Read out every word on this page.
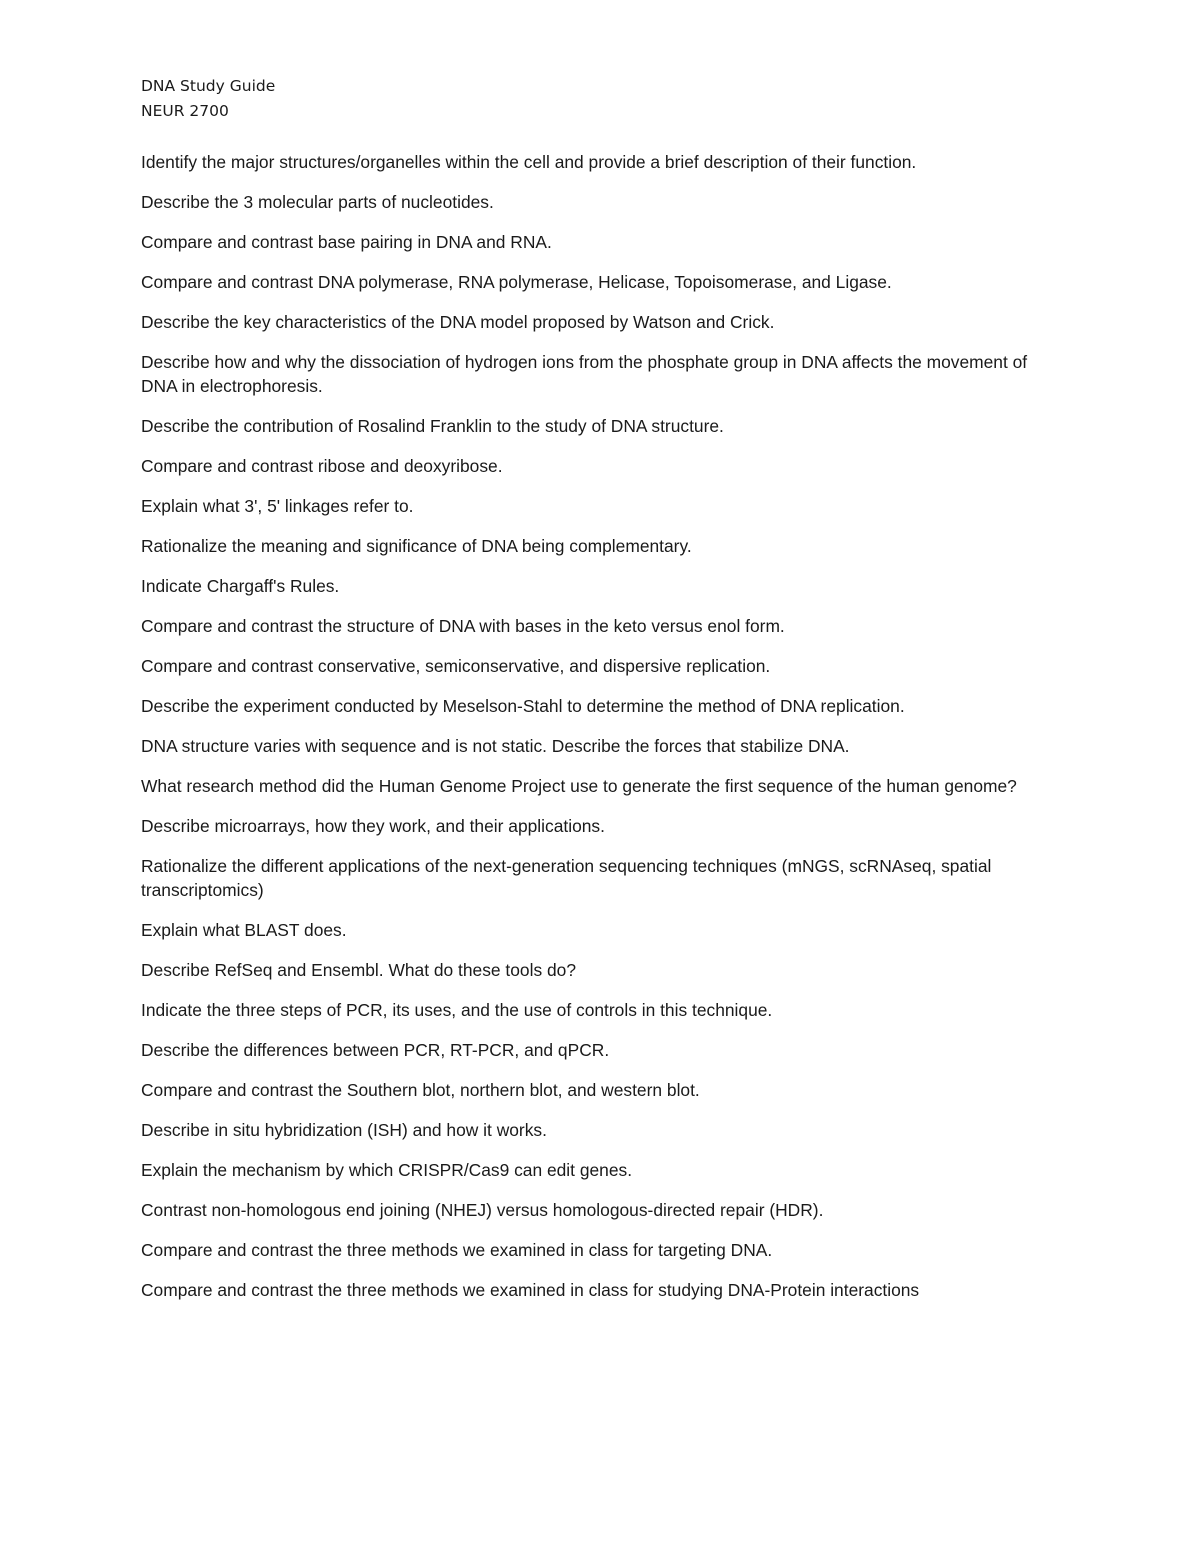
DNA Study Guide
NEUR 2700
Identify the major structures/organelles within the cell and provide a brief description of their function.
Describe the 3 molecular parts of nucleotides.
Compare and contrast base pairing in DNA and RNA.
Compare and contrast DNA polymerase, RNA polymerase, Helicase, Topoisomerase, and Ligase.
Describe the key characteristics of the DNA model proposed by Watson and Crick.
Describe how and why the dissociation of hydrogen ions from the phosphate group in DNA affects the movement of DNA in electrophoresis.
Describe the contribution of Rosalind Franklin to the study of DNA structure.
Compare and contrast ribose and deoxyribose.
Explain what 3', 5' linkages refer to.
Rationalize the meaning and significance of DNA being complementary.
Indicate Chargaff's Rules.
Compare and contrast the structure of DNA with bases in the keto versus enol form.
Compare and contrast conservative, semiconservative, and dispersive replication.
Describe the experiment conducted by Meselson-Stahl to determine the method of DNA replication.
DNA structure varies with sequence and is not static. Describe the forces that stabilize DNA.
What research method did the Human Genome Project use to generate the first sequence of the human genome?
Describe microarrays, how they work, and their applications.
Rationalize the different applications of the next-generation sequencing techniques (mNGS, scRNAseq, spatial transcriptomics)
Explain what BLAST does.
Describe RefSeq and Ensembl. What do these tools do?
Indicate the three steps of PCR, its uses, and the use of controls in this technique.
Describe the differences between PCR, RT-PCR, and qPCR.
Compare and contrast the Southern blot, northern blot, and western blot.
Describe in situ hybridization (ISH) and how it works.
Explain the mechanism by which CRISPR/Cas9 can edit genes.
Contrast non-homologous end joining (NHEJ) versus homologous-directed repair (HDR).
Compare and contrast the three methods we examined in class for targeting DNA.
Compare and contrast the three methods we examined in class for studying DNA-Protein interactions
